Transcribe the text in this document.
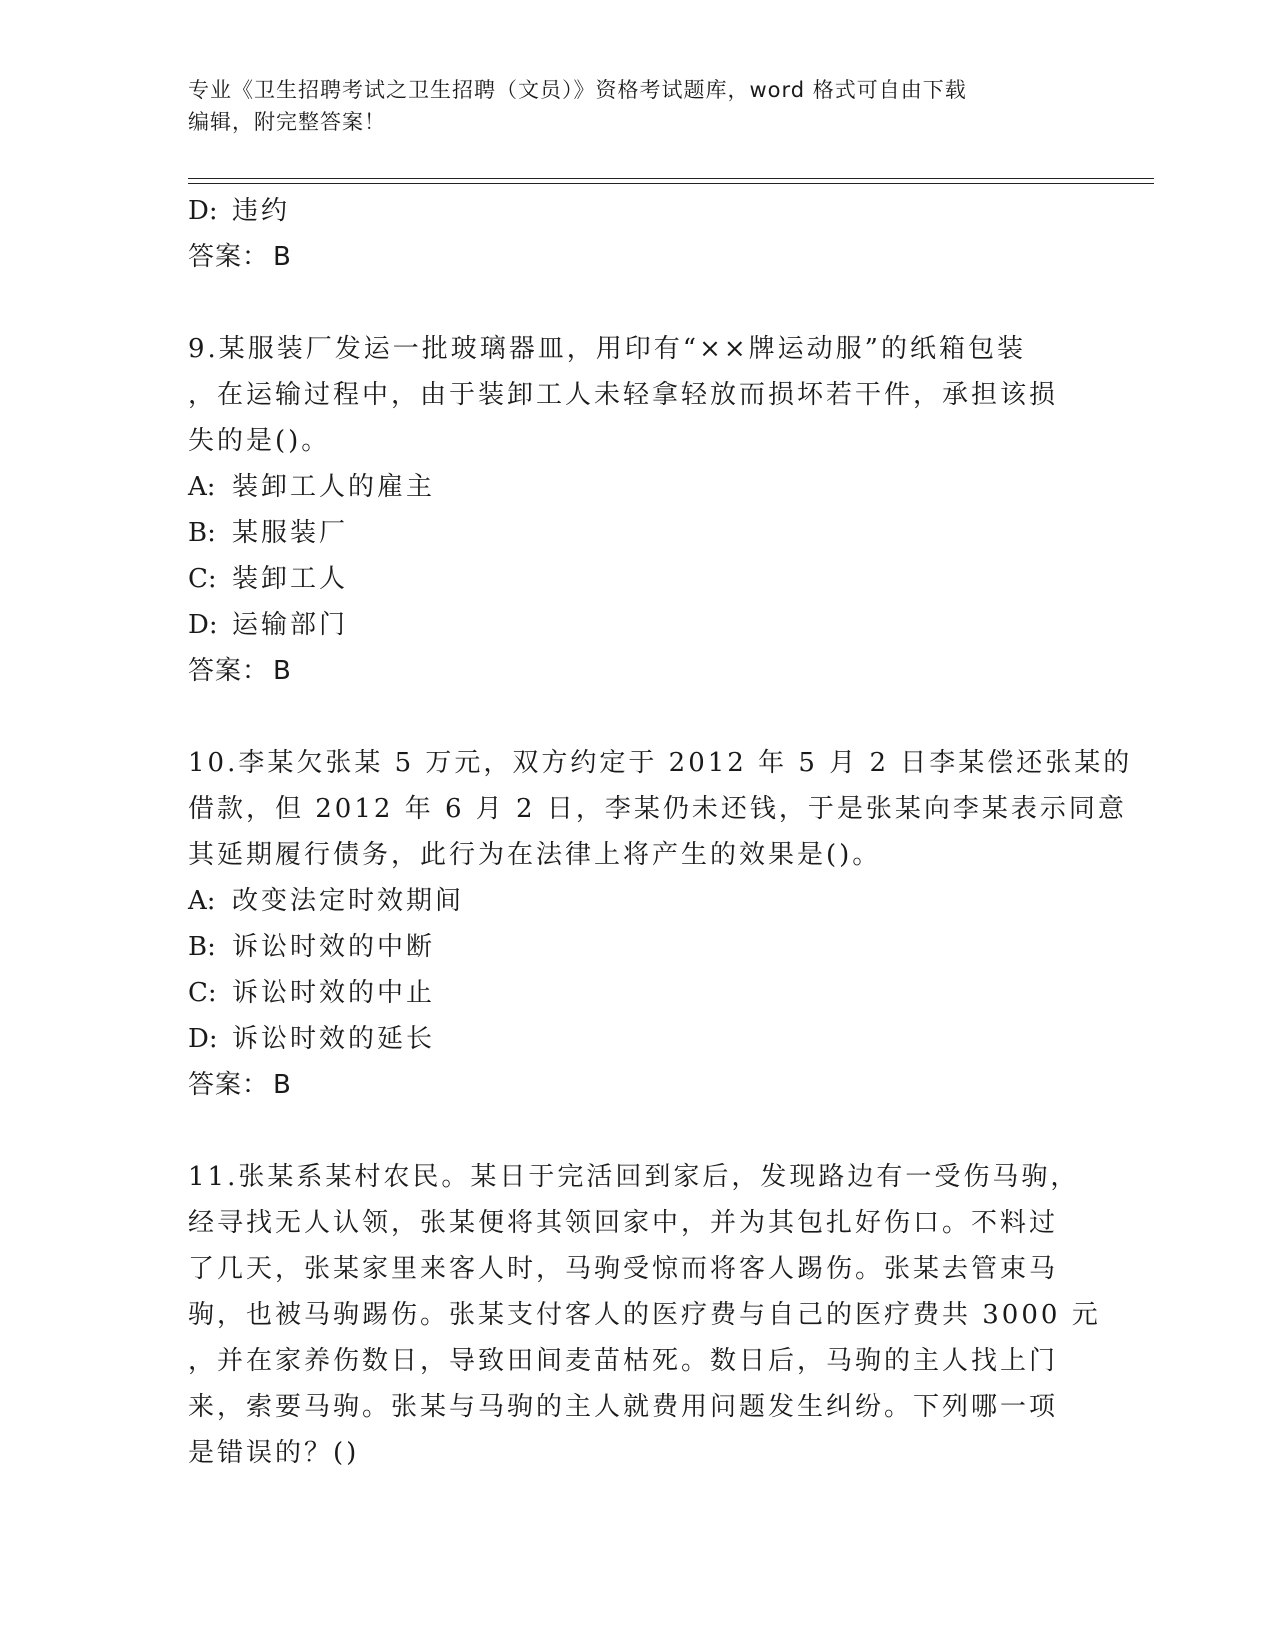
专业《卫生招聘考试之卫生招聘（文员）》资格考试题库，word 格式可自由下载
编辑，附完整答案！
D: 违约
答案： B
9.某服装厂发运一批玻璃器皿，用印有“××牌运动服”的纸箱包装
，在运输过程中，由于装卸工人未轻拿轻放而损坏若干件，承担该损
失的是()。
A: 装卸工人的雇主
B: 某服装厂
C: 装卸工人
D: 运输部门
答案： B
10.李某欠张某 5 万元，双方约定于 2012 年 5 月 2 日李某偿还张某的
借款，但 2012 年 6 月 2 日，李某仍未还钱，于是张某向李某表示同意
其延期履行债务，此行为在法律上将产生的效果是()。
A: 改变法定时效期间
B: 诉讼时效的中断
C: 诉讼时效的中止
D: 诉讼时效的延长
答案： B
11.张某系某村农民。某日于完活回到家后，发现路边有一受伤马驹，
经寻找无人认领，张某便将其领回家中，并为其包扎好伤口。不料过
了几天，张某家里来客人时，马驹受惊而将客人踢伤。张某去管束马
驹，也被马驹踢伤。张某支付客人的医疗费与自己的医疗费共 3000 元
，并在家养伤数日，导致田间麦苗枯死。数日后，马驹的主人找上门
来，索要马驹。张某与马驹的主人就费用问题发生纠纷。下列哪一项
是错误的？()
